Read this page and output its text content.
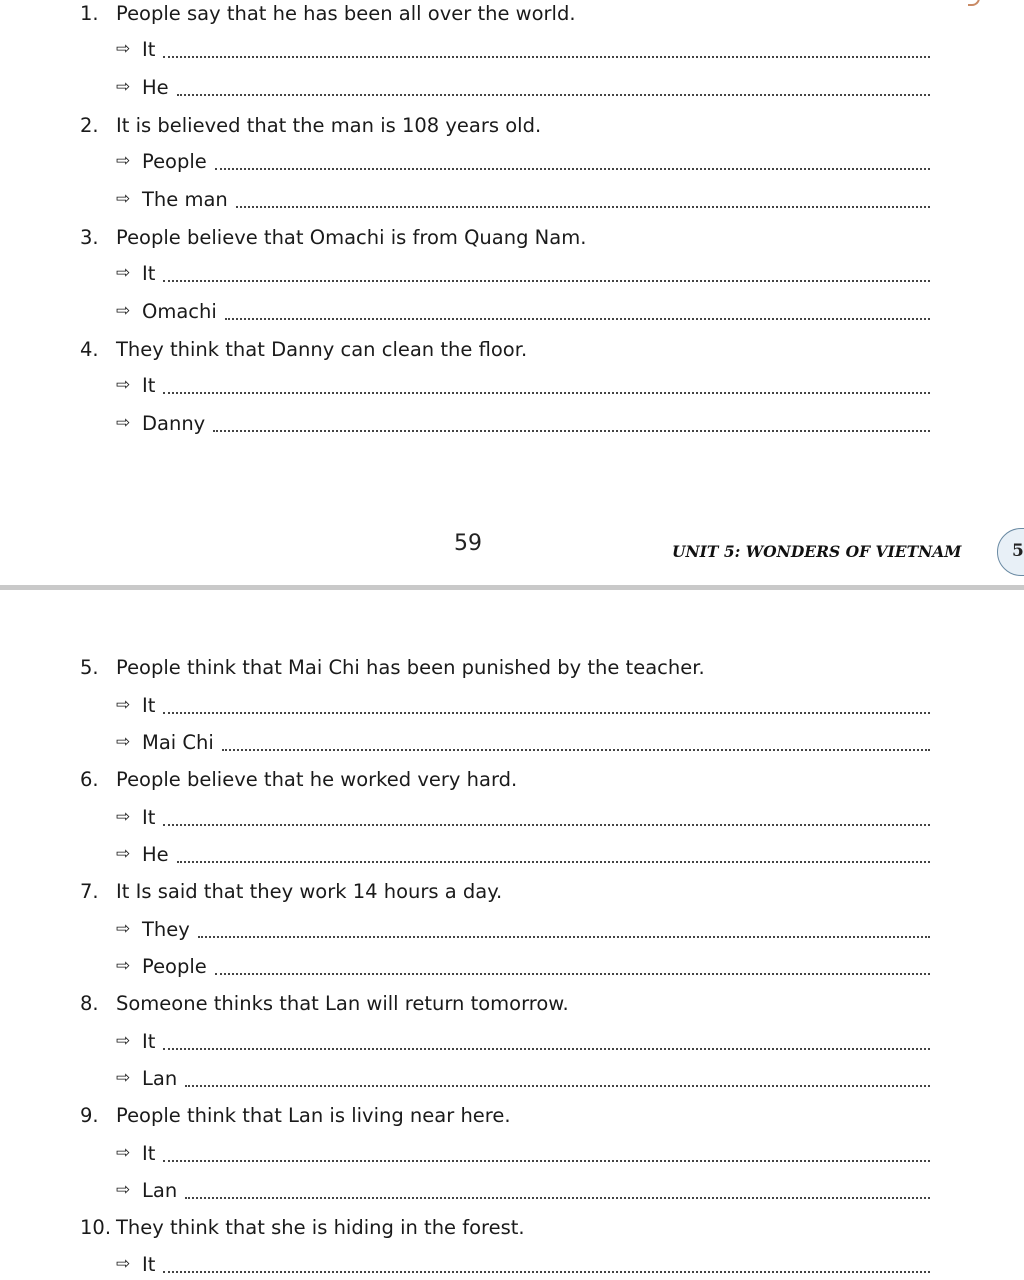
1. People say that he has been all over the world.
⇨ It
⇨ He
2. It is believed that the man is 108 years old.
⇨ People
⇨ The man
3. People believe that Omachi is from Quang Nam.
⇨ It
⇨ Omachi
4. They think that Danny can clean the floor.
⇨ It
⇨ Danny
59	UNIT 5: WONDERS OF VIETNAM	5
5. People think that Mai Chi has been punished by the teacher.
⇨ It
⇨ Mai Chi
6. People believe that he worked very hard.
⇨ It
⇨ He
7. It Is said that they work 14 hours a day.
⇨ They
⇨ People
8. Someone thinks that Lan will return tomorrow.
⇨ It
⇨ Lan
9. People think that Lan is living near here.
⇨ It
⇨ Lan
10. They think that she is hiding in the forest.
⇨ It
